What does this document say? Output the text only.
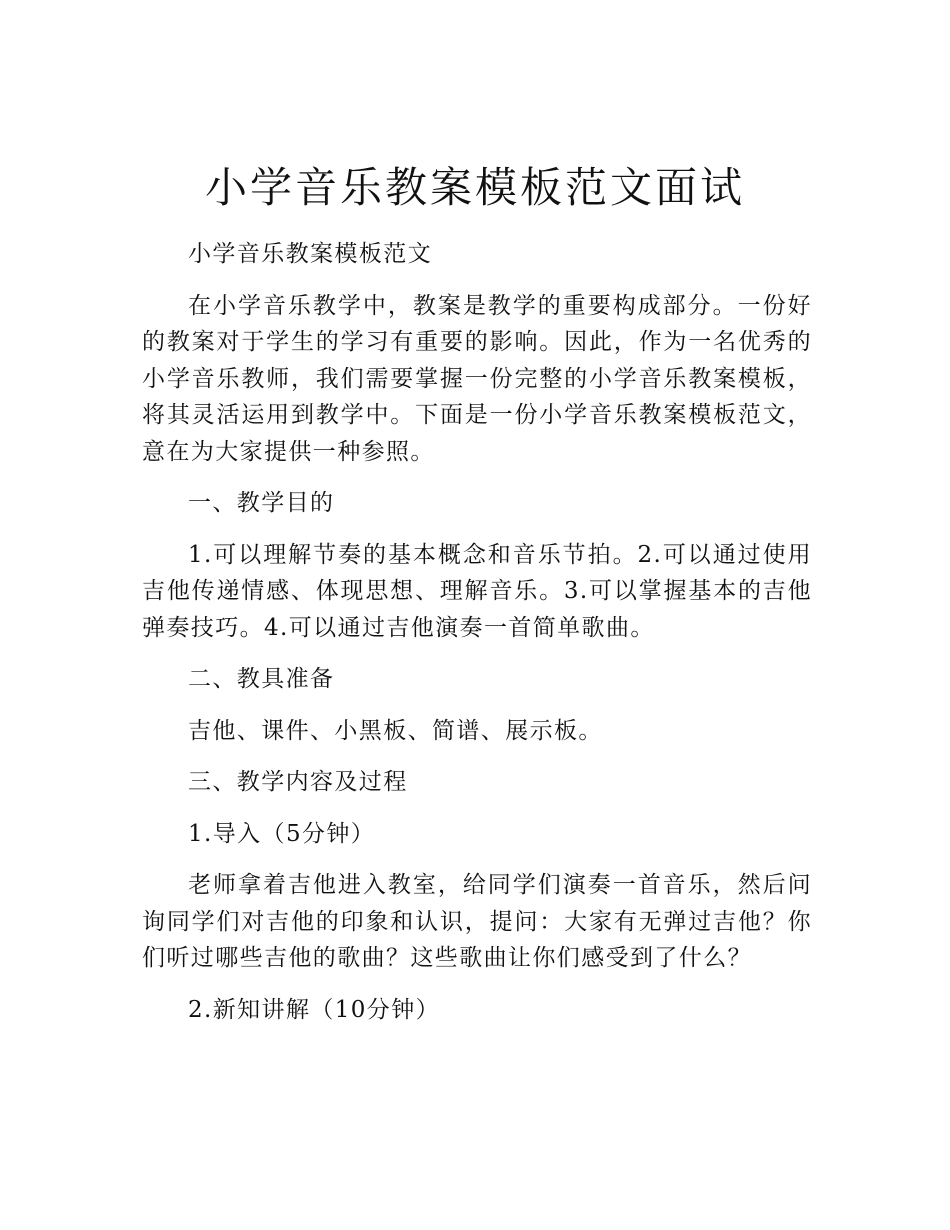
小学音乐教案模板范文面试

小学音乐教案模板范文

在小学音乐教学中，教案是教学的重要构成部分。一份好的教案对于学生的学习有重要的影响。因此，作为一名优秀的小学音乐教师，我们需要掌握一份完整的小学音乐教案模板，将其灵活运用到教学中。下面是一份小学音乐教案模板范文，意在为大家提供一种参照。

一、教学目的

1.可以理解节奏的基本概念和音乐节拍。2.可以通过使用吉他传递情感、体现思想、理解音乐。3.可以掌握基本的吉他弹奏技巧。4.可以通过吉他演奏一首简单歌曲。

二、教具准备

吉他、课件、小黑板、简谱、展示板。

三、教学内容及过程

1.导入（5分钟）

老师拿着吉他进入教室，给同学们演奏一首音乐，然后问询同学们对吉他的印象和认识，提问：大家有无弹过吉他？你们听过哪些吉他的歌曲？这些歌曲让你们感受到了什么？

2.新知讲解（10分钟）
